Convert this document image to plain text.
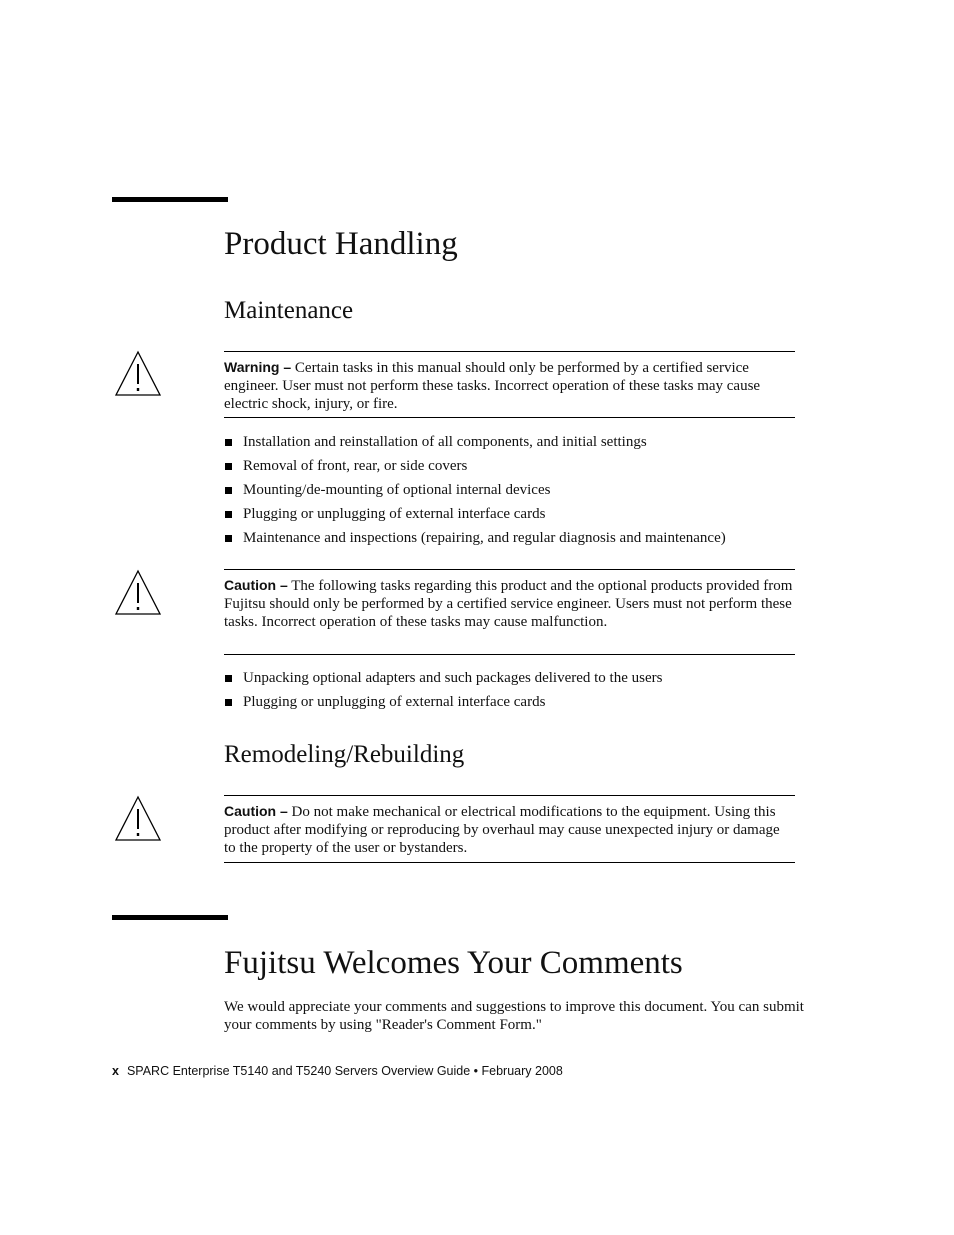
Product Handling
Maintenance

Warning – Certain tasks in this manual should only be performed by a certified service engineer. User must not perform these tasks. Incorrect operation of these tasks may cause electric shock, injury, or fire.

Installation and reinstallation of all components, and initial settings
Removal of front, rear, or side covers
Mounting/de-mounting of optional internal devices
Plugging or unplugging of external interface cards
Maintenance and inspections (repairing, and regular diagnosis and maintenance)

Caution – The following tasks regarding this product and the optional products provided from Fujitsu should only be performed by a certified service engineer. Users must not perform these tasks. Incorrect operation of these tasks may cause malfunction.

Unpacking optional adapters and such packages delivered to the users
Plugging or unplugging of external interface cards
Remodeling/Rebuilding

Caution – Do not make mechanical or electrical modifications to the equipment. Using this product after modifying or reproducing by overhaul may cause unexpected injury or damage to the property of the user or bystanders.

Fujitsu Welcomes Your Comments

We would appreciate your comments and suggestions to improve this document. You can submit your comments by using "Reader's Comment Form."

x SPARC Enterprise T5140 and T5240 Servers Overview Guide • February 2008
